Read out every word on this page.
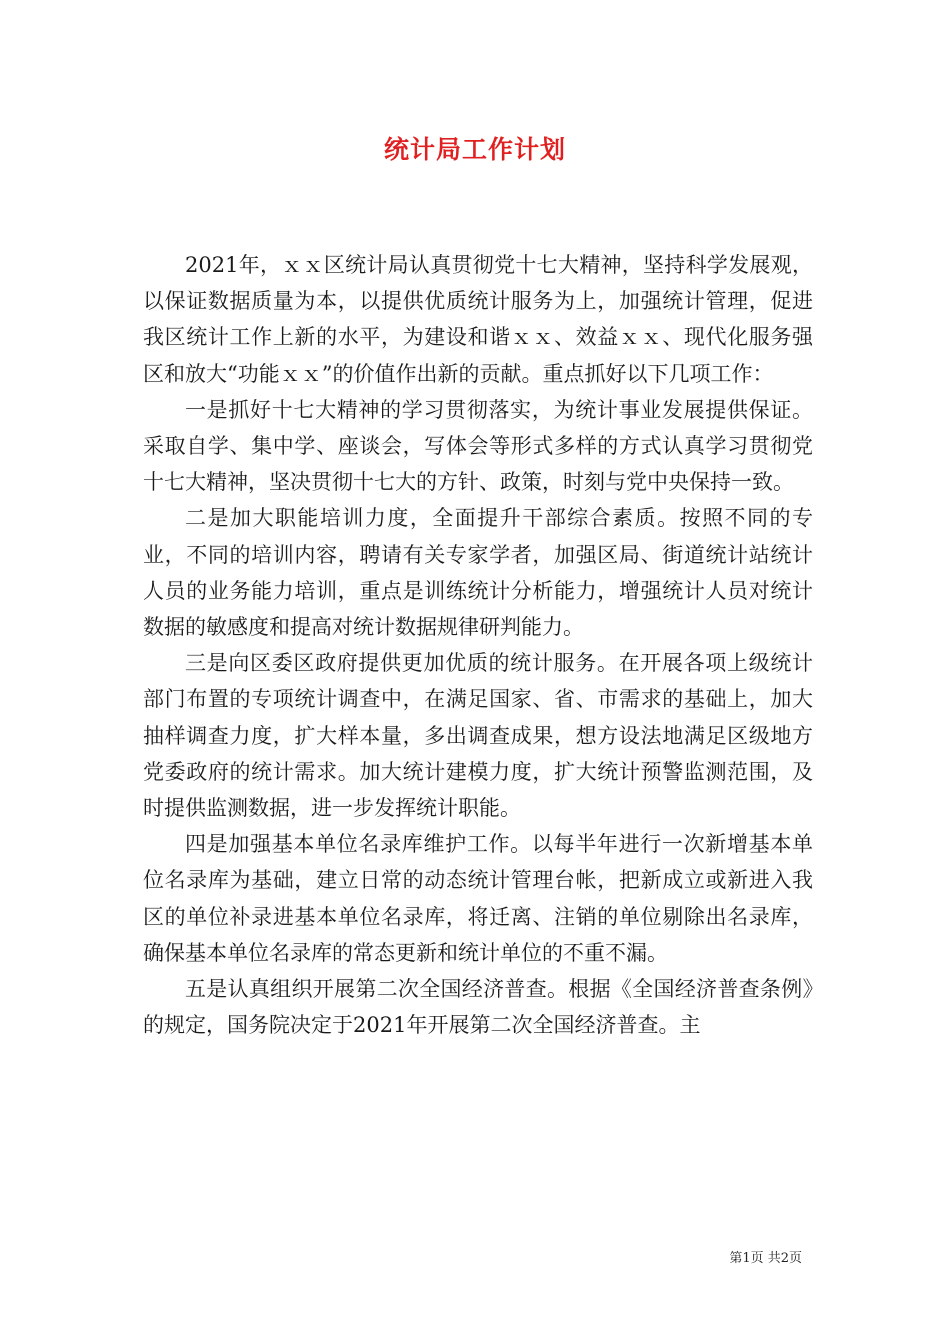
统计局工作计划

2021年，ｘｘ区统计局认真贯彻党十七大精神，坚持科学发展观，以保证数据质量为本，以提供优质统计服务为上，加强统计管理，促进我区统计工作上新的水平，为建设和谐ｘｘ、效益ｘｘ、现代化服务强区和放大“功能ｘｘ”的价值作出新的贡献。重点抓好以下几项工作：

一是抓好十七大精神的学习贯彻落实，为统计事业发展提供保证。采取自学、集中学、座谈会，写体会等形式多样的方式认真学习贯彻党十七大精神，坚决贯彻十七大的方针、政策，时刻与党中央保持一致。

二是加大职能培训力度，全面提升干部综合素质。按照不同的专业，不同的培训内容，聘请有关专家学者，加强区局、街道统计站统计人员的业务能力培训，重点是训练统计分析能力，增强统计人员对统计数据的敏感度和提高对统计数据规律研判能力。

三是向区委区政府提供更加优质的统计服务。在开展各项上级统计部门布置的专项统计调查中，在满足国家、省、市需求的基础上，加大抽样调查力度，扩大样本量，多出调查成果，想方设法地满足区级地方党委政府的统计需求。加大统计建模力度，扩大统计预警监测范围，及时提供监测数据，进一步发挥统计职能。

四是加强基本单位名录库维护工作。以每半年进行一次新增基本单位名录库为基础，建立日常的动态统计管理台帐，把新成立或新进入我区的单位补录进基本单位名录库，将迁离、注销的单位剔除出名录库，确保基本单位名录库的常态更新和统计单位的不重不漏。

五是认真组织开展第二次全国经济普查。根据《全国经济普查条例》的规定，国务院决定于2021年开展第二次全国经济普查。主

第1页 共2页
